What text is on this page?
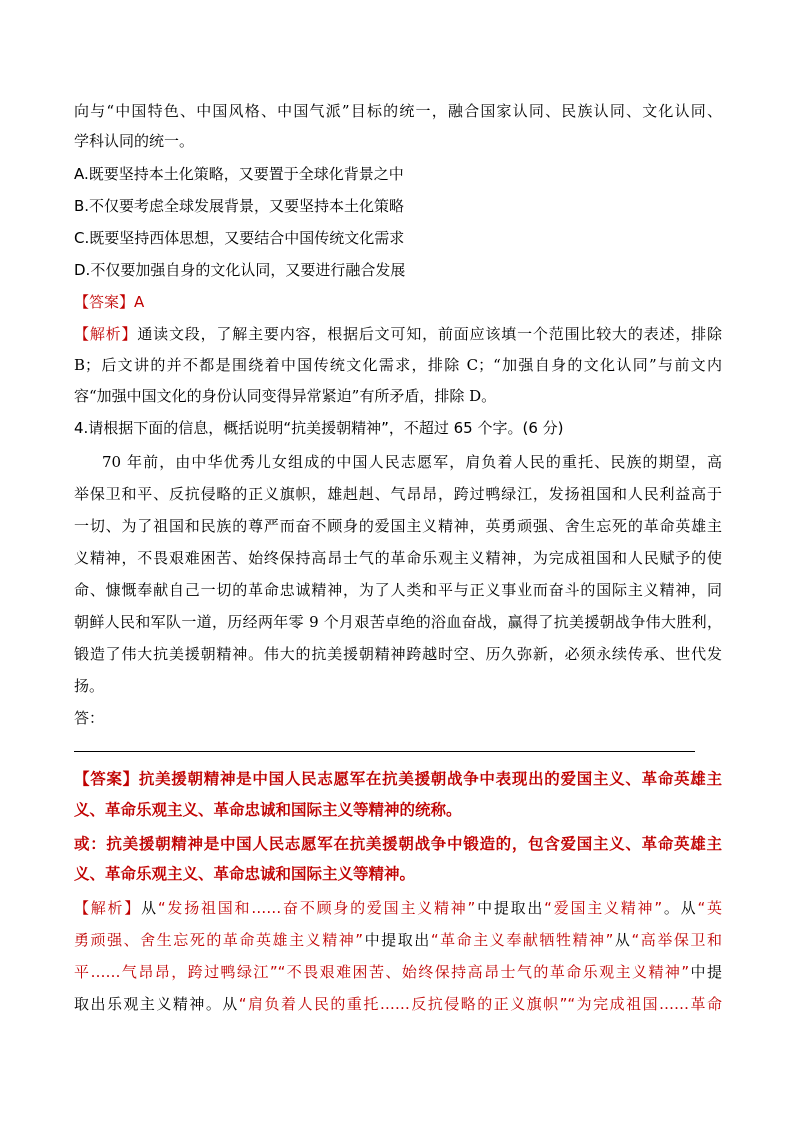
向与“中国特色、中国风格、中国气派”目标的统一，融合国家认同、民族认同、文化认同、
学科认同的统一。
A.既要坚持本土化策略，又要置于全球化背景之中
B.不仅要考虑全球发展背景，又要坚持本土化策略
C.既要坚持西体思想，又要结合中国传统文化需求
D.不仅要加强自身的文化认同，又要进行融合发展
【答案】A
【解析】通读文段，了解主要内容，根据后文可知，前面应该填一个范围比较大的表述，排除
B；后文讲的并不都是围绕着中国传统文化需求，排除 C；“加强自身的文化认同”与前文内
容“加强中国文化的身份认同变得异常紧迫”有所矛盾，排除 D。
4.请根据下面的信息，概括说明“抗美援朝精神”，不超过 65 个字。(6 分)
70 年前，由中华优秀儿女组成的中国人民志愿军，肩负着人民的重托、民族的期望，高
举保卫和平、反抗侵略的正义旗帜，雄赳赳、气昂昂，跨过鸭绿江，发扬祖国和人民利益高于
一切、为了祖国和民族的尊严而奋不顾身的爱国主义精神，英勇顽强、舍生忘死的革命英雄主
义精神，不畏艰难困苦、始终保持高昂士气的革命乐观主义精神，为完成祖国和人民赋予的使
命、慷慨奉献自己一切的革命忠诚精神，为了人类和平与正义事业而奋斗的国际主义精神，同
朝鲜人民和军队一道，历经两年零 9 个月艰苦卓绝的浴血奋战，赢得了抗美援朝战争伟大胜利，
锻造了伟大抗美援朝精神。伟大的抗美援朝精神跨越时空、历久弥新，必须永续传承、世代发
扬。
答：
【答案】抗美援朝精神是中国人民志愿军在抗美援朝战争中表现出的爱国主义、革命英雄主
义、革命乐观主义、革命忠诚和国际主义等精神的统称。
或：抗美援朝精神是中国人民志愿军在抗美援朝战争中锻造的，包含爱国主义、革命英雄主
义、革命乐观主义、革命忠诚和国际主义等精神。
【解析】从“发扬祖国和……奋不顾身的爱国主义精神”中提取出“爱国主义精神”。从“英
勇顽强、舍生忘死的革命英雄主义精神”中提取出“革命主义奉献牺牲精神”从“高举保卫和
平……气昂昂，跨过鸭绿江”“不畏艰难困苦、始终保持高昂士气的革命乐观主义精神”中提
取出乐观主义精神。从“肩负着人民的重托……反抗侵略的正义旗帜”“为完成祖国……革命
